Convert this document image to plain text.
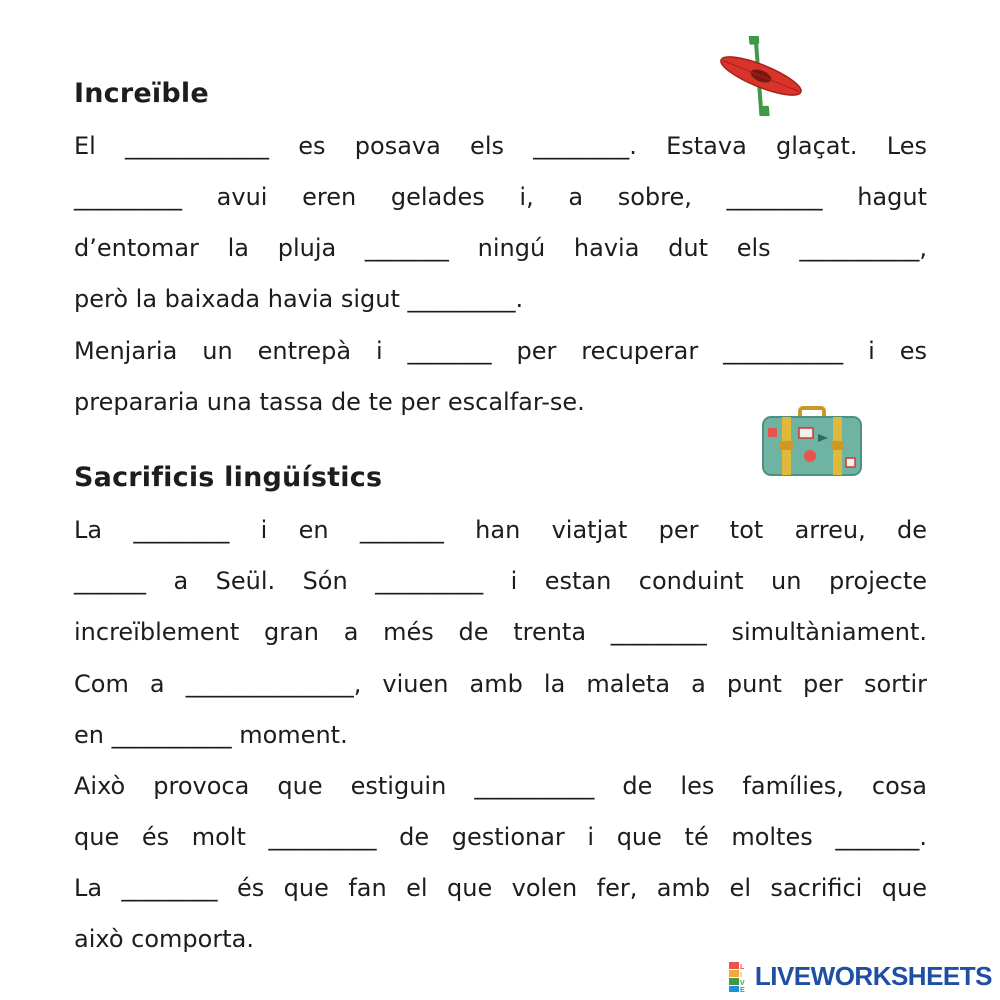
Increïble
El ____________ es posava els ________. Estava glaçat. Les
_________ avui eren gelades i, a sobre, ________ hagut
d’entomar la pluja _______ ningú havia dut els __________,
però la baixada havia sigut _________.
Menjaria un entrepà i _______ per recuperar __________ i es
prepararia una tassa de te per escalfar-se.
Sacrificis lingüístics
La ________ i en _______ han viatjat per tot arreu, de
______ a Seül. Són _________ i estan conduint un projecte
increïblement gran a més de trenta ________ simultàniament.
Com a ______________, viuen amb la maleta a punt per sortir
en __________ moment.
Això provoca que estiguin __________ de les famílies, cosa
que és molt _________ de gestionar i que té moltes _______.
La ________ és que fan el que volen fer, amb el sacrifici que
això comporta.
L
I
V
E LIVEWORKSHEETS
